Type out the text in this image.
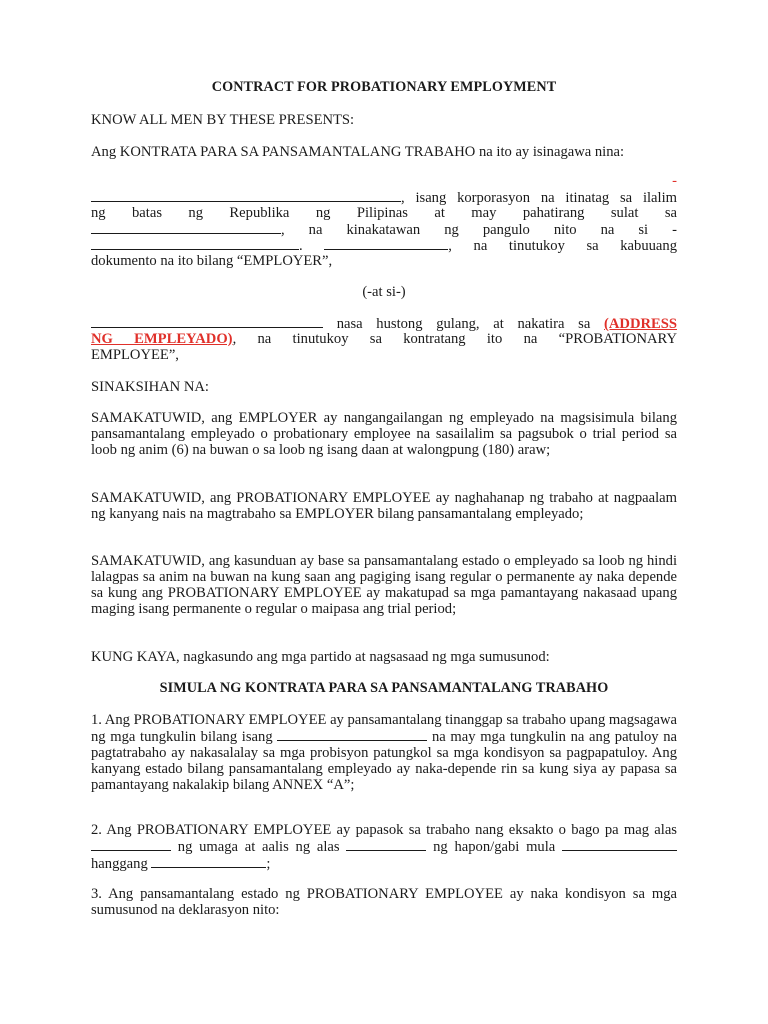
CONTRACT FOR PROBATIONARY EMPLOYMENT

KNOW ALL MEN BY THESE PRESENTS:

Ang KONTRATA PARA SA PANSAMANTALANG TRABAHO na ito ay isinagawa nina:

-
, isang korporasyon na itinatag sa ilalim
ng batas ng Republika ng Pilipinas at may pahatirang sulat sa
, na kinakatawan ng pangulo nito na si -
.	, na tinutukoy sa kabuuang
dokumento na ito bilang “EMPLOYER”,

(-at si-)

nasa hustong gulang, at nakatira sa (ADDRESS
NG EMPLEYADO), na tinutukoy sa kontratang ito na “PROBATIONARY
EMPLOYEE”,

SINAKSIHAN NA:

SAMAKATUWID, ang EMPLOYER ay nangangailangan ng empleyado na magsisimula bilang pansamantalang empleyado o probationary employee na sasailalim sa pagsubok o trial period sa loob ng anim (6) na buwan o sa loob ng isang daan at walongpung (180) araw;

SAMAKATUWID, ang PROBATIONARY EMPLOYEE ay naghahanap ng trabaho at nagpaalam ng kanyang nais na magtrabaho sa EMPLOYER bilang pansamantalang empleyado;

SAMAKATUWID, ang kasunduan ay base sa pansamantalang estado o empleyado sa loob ng hindi lalagpas sa anim na buwan na kung saan ang pagiging isang regular o permanente ay naka depende sa kung ang PROBATIONARY EMPLOYEE ay makatupad sa mga pamantayang nakasaad upang maging isang permanente o regular o maipasa ang trial period;

KUNG KAYA, nagkasundo ang mga partido at nagsasaad ng mga sumusunod:

SIMULA NG KONTRATA PARA SA PANSAMANTALANG TRABAHO

1. Ang PROBATIONARY EMPLOYEE ay pansamantalang tinanggap sa trabaho upang magsagawa ng mga tungkulin bilang isang	na may mga tungkulin na ang patuloy na pagtatrabaho ay nakasalalay sa mga probisyon patungkol sa mga kondisyon sa pagpapatuloy. Ang kanyang estado bilang pansamantalang empleyado ay naka-depende rin sa kung siya ay papasa sa pamantayang nakalakip bilang ANNEX “A”;

2. Ang PROBATIONARY EMPLOYEE ay papasok sa trabaho nang eksakto o bago pa mag alas  ng umaga at aalis ng alas	ng hapon/gabi mula  hanggang	;

3. Ang pansamantalang estado ng PROBATIONARY EMPLOYEE ay naka kondisyon sa mga sumusunod na deklarasyon nito:
